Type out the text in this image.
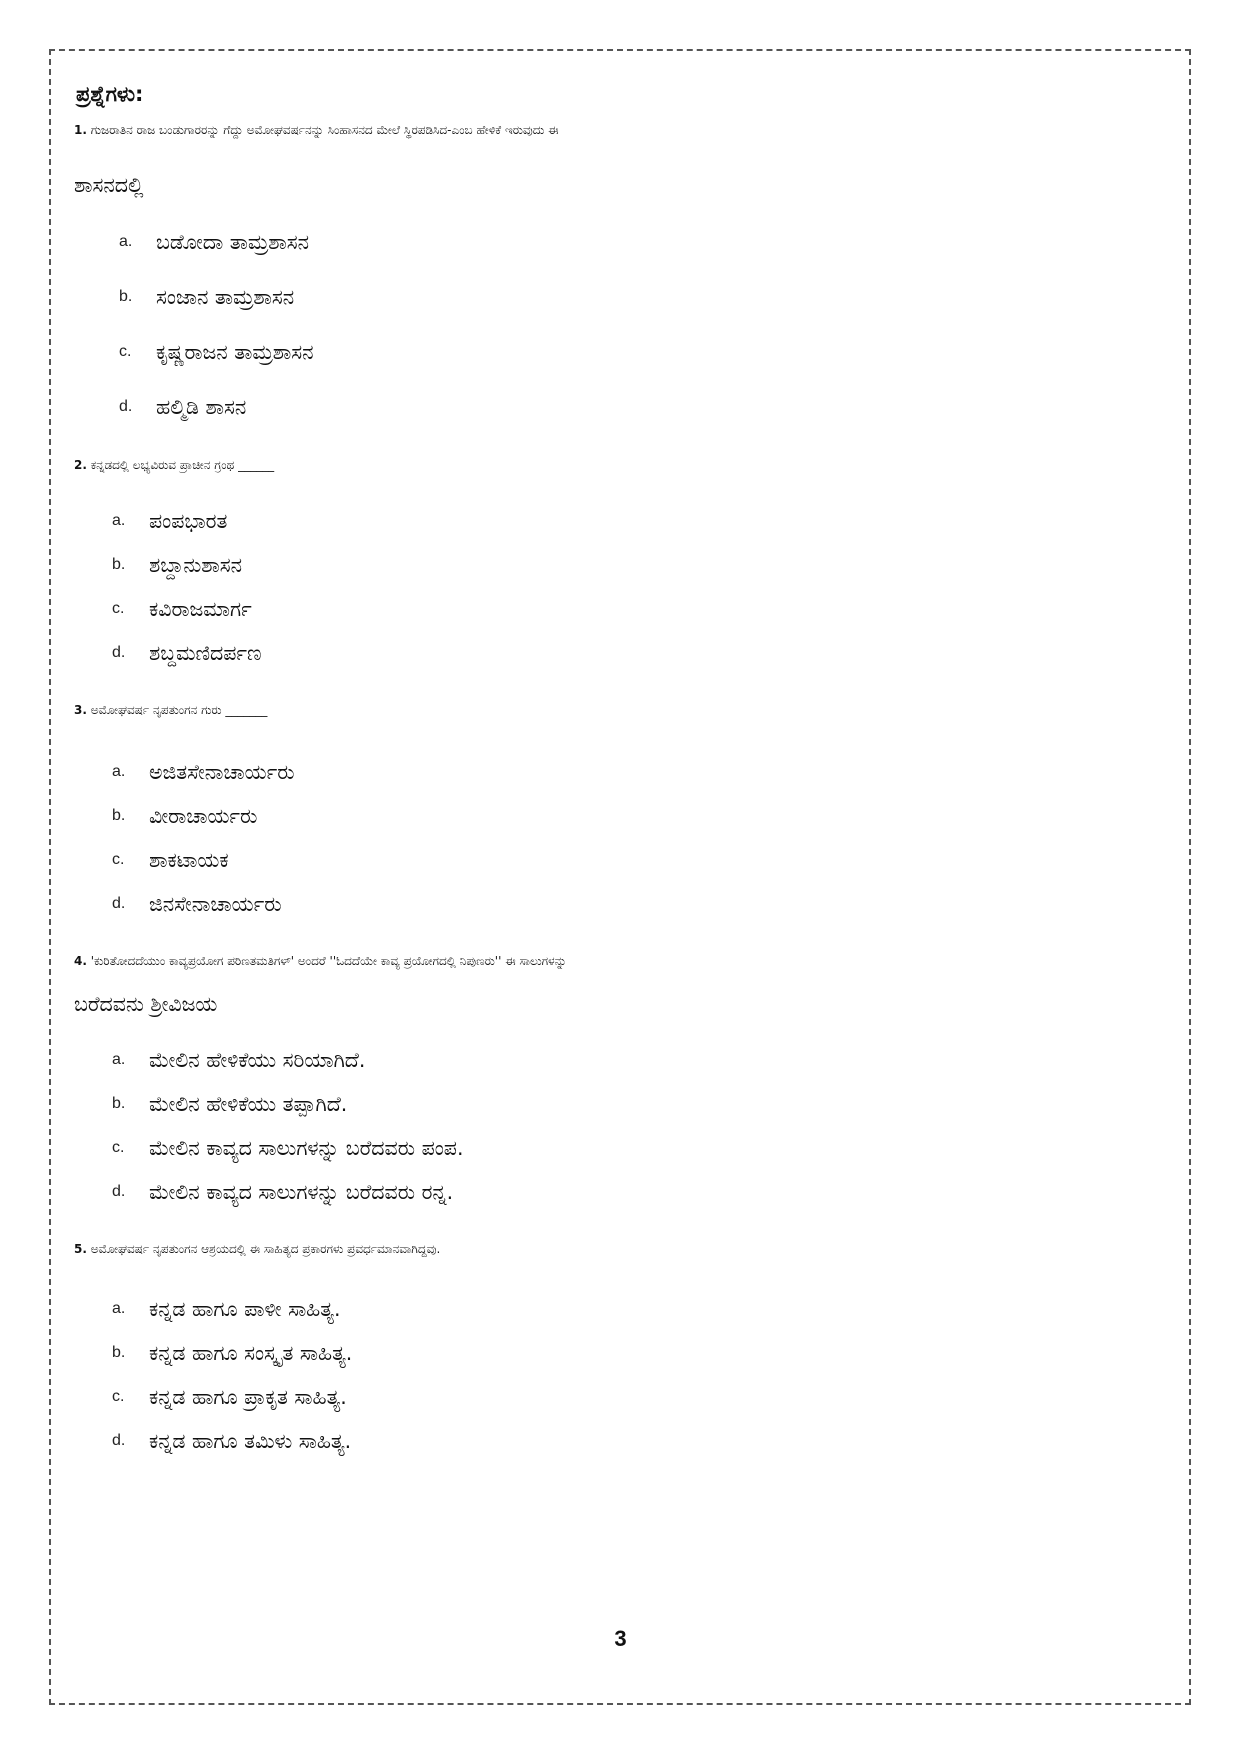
ಪ್ರಶ್ನೆಗಳು:
1. ಗುಜರಾತಿನ ರಾಜ ಬಂಡುಗಾರರನ್ನು ಗೆದ್ದು ಅಮೋಘವರ್ಷನನ್ನು ಸಿಂಹಾಸನದ ಮೇಲೆ ಸ್ಥಿರಪಡಿಸಿದ-ಎಂಬ ಹೇಳಿಕೆ ಇರುವುದು ಈ
ಶಾಸನದಲ್ಲಿ
a. ಬಡೋದಾ ತಾಮ್ರಶಾಸನ
b. ಸಂಜಾನ ತಾಮ್ರಶಾಸನ
c. ಕೃಷ್ಣರಾಜನ ತಾಮ್ರಶಾಸನ
d. ಹಲ್ಮಿಡಿ ಶಾಸನ
2. ಕನ್ನಡದಲ್ಲಿ ಲಭ್ಯವಿರುವ ಪ್ರಾಚೀನ ಗ್ರಂಥ ______
a. ಪಂಪಭಾರತ
b. ಶಬ್ದಾನುಶಾಸನ
c. ಕವಿರಾಜಮಾರ್ಗ
d. ಶಬ್ದಮಣಿದರ್ಪಣ
3. ಅಮೋಘವರ್ಷ ನೃಪತುಂಗನ ಗುರು _______
a. ಅಜಿತಸೇನಾಚಾರ್ಯರು
b. ವೀರಾಚಾರ್ಯರು
c. ಶಾಕಟಾಯಕ
d. ಜಿನಸೇನಾಚಾರ್ಯರು
4. 'ಕುರಿತೋದದೆಯುಂ ಕಾವ್ಯಪ್ರಯೋಗ ಪರಿಣತಮತಿಗಳ್' ಅಂದರೆ ''ಓದದೆಯೇ ಕಾವ್ಯ ಪ್ರಯೋಗದಲ್ಲಿ ನಿಪುಣರು'' ಈ ಸಾಲುಗಳನ್ನು
ಬರೆದವನು ಶ್ರೀವಿಜಯ
a. ಮೇಲಿನ ಹೇಳಿಕೆಯು ಸರಿಯಾಗಿದೆ.
b. ಮೇಲಿನ ಹೇಳಿಕೆಯು ತಪ್ಪಾಗಿದೆ.
c. ಮೇಲಿನ ಕಾವ್ಯದ ಸಾಲುಗಳನ್ನು ಬರೆದವರು ಪಂಪ.
d. ಮೇಲಿನ ಕಾವ್ಯದ ಸಾಲುಗಳನ್ನು ಬರೆದವರು ರನ್ನ.
5. ಅಮೋಘವರ್ಷ ನೃಪತುಂಗನ ಆಶ್ರಯದಲ್ಲಿ ಈ ಸಾಹಿತ್ಯದ ಪ್ರಕಾರಗಳು ಪ್ರವರ್ಧಮಾನವಾಗಿದ್ದವು.
a. ಕನ್ನಡ ಹಾಗೂ ಪಾಳೀ ಸಾಹಿತ್ಯ.
b. ಕನ್ನಡ ಹಾಗೂ ಸಂಸ್ಕೃತ ಸಾಹಿತ್ಯ.
c. ಕನ್ನಡ ಹಾಗೂ ಪ್ರಾಕೃತ ಸಾಹಿತ್ಯ.
d. ಕನ್ನಡ ಹಾಗೂ ತಮಿಳು ಸಾಹಿತ್ಯ.
3
